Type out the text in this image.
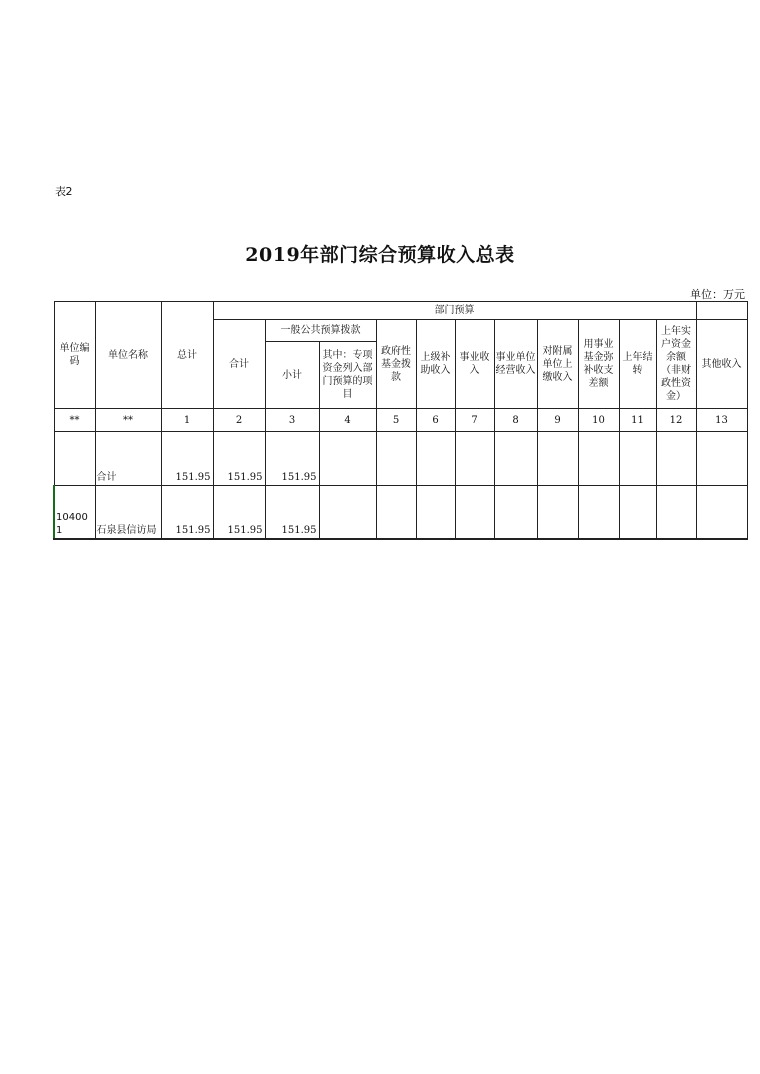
表2
2019年部门综合预算收入总表
单位：万元
单位编码	单位名称	总计	部门预算											
			合计	一般公共预算拨款		政府性基金拨款	上级补助收入	事业收入	事业单位经营收入	对附属单位上缴收入	用事业基金弥补收支差额	上年结转	上年实户资金余额（非财政性资金）	其他收入
				小计	其中：专项资金列入部门预算的项目									
**	**	1	2	3	4	5	6	7	8	9	10	11	12	13
	合计	151.95	151.95	151.95										
104001	石泉县信访局	151.95	151.95	151.95										
